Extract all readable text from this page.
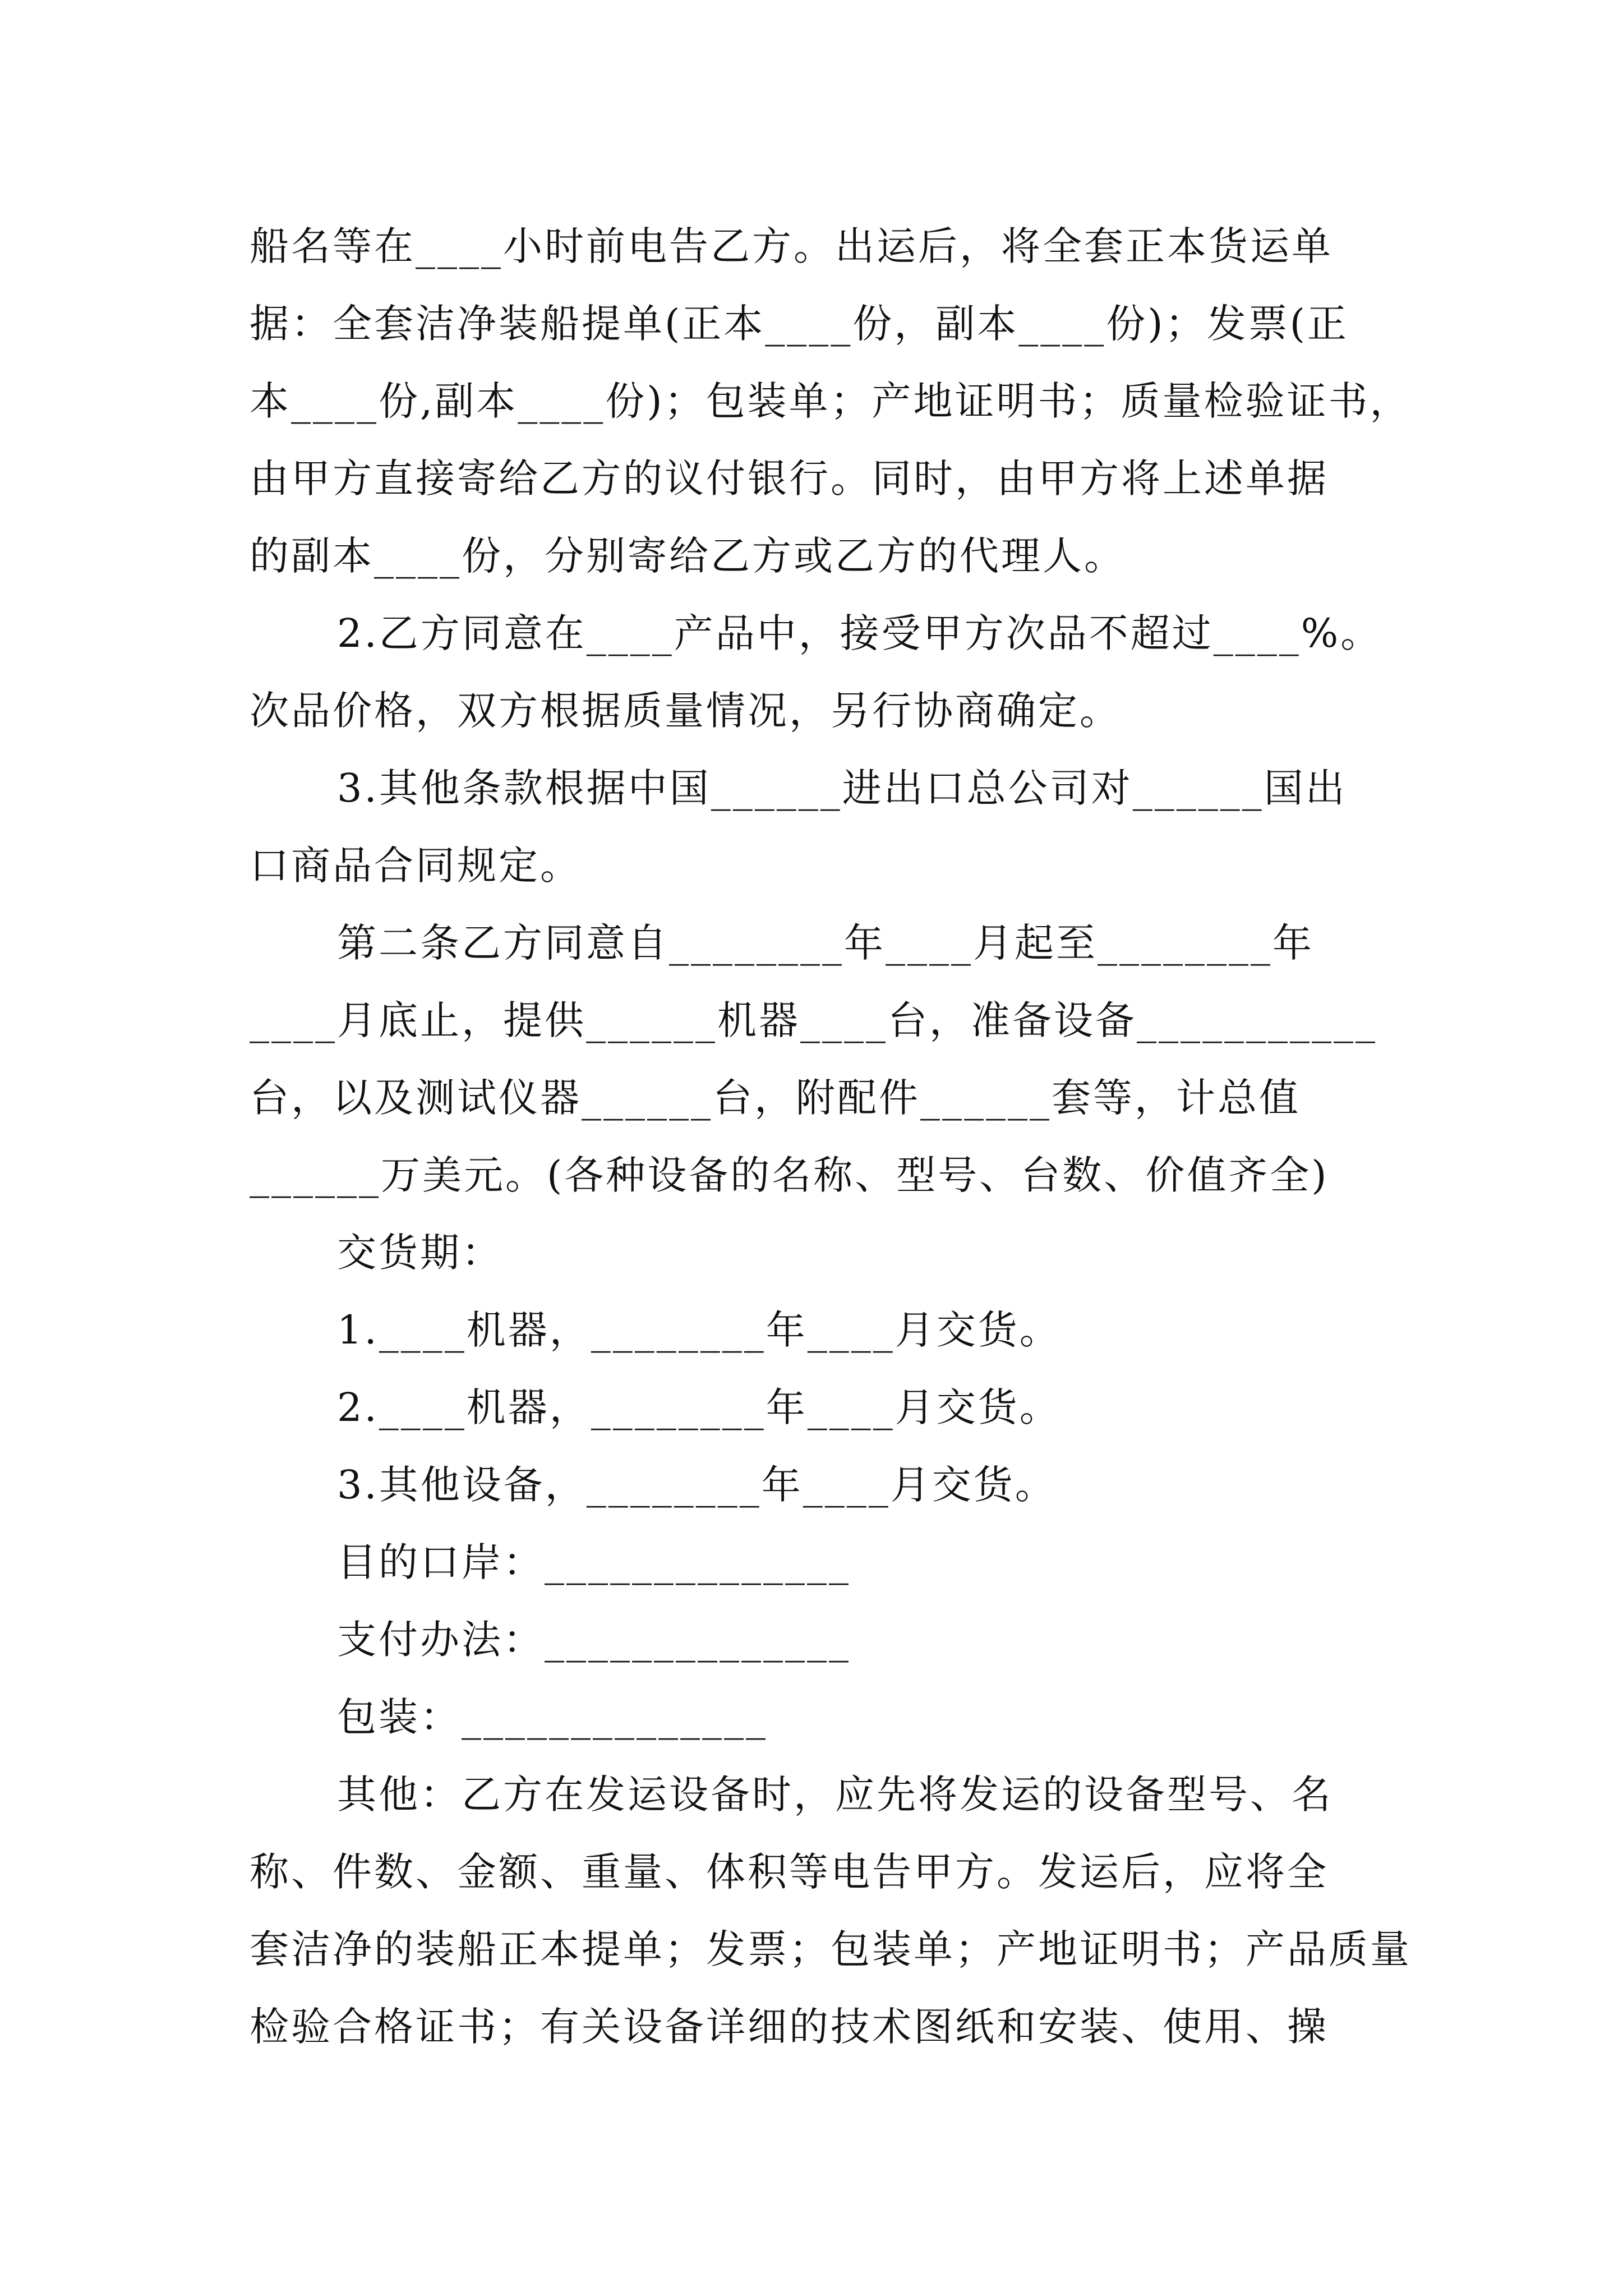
船名等在____小时前电告乙方。出运后，将全套正本货运单
据：全套洁净装船提单(正本____份，副本____份)；发票(正
本____份,副本____份)；包装单；产地证明书；质量检验证书，
由甲方直接寄给乙方的议付银行。同时，由甲方将上述单据
的副本____份，分别寄给乙方或乙方的代理人。
2.乙方同意在____产品中，接受甲方次品不超过____%。
次品价格，双方根据质量情况，另行协商确定。
3.其他条款根据中国______进出口总公司对______国出
口商品合同规定。
第二条乙方同意自________年____月起至________年
____月底止，提供______机器____台，准备设备___________
台，以及测试仪器______台，附配件______套等，计总值
______万美元。(各种设备的名称、型号、台数、价值齐全)
交货期：
1.____机器，________年____月交货。
2.____机器，________年____月交货。
3.其他设备，________年____月交货。
目的口岸：______________
支付办法：______________
包装：______________
其他：乙方在发运设备时，应先将发运的设备型号、名
称、件数、金额、重量、体积等电告甲方。发运后，应将全
套洁净的装船正本提单；发票；包装单；产地证明书；产品质量
检验合格证书；有关设备详细的技术图纸和安装、使用、操
